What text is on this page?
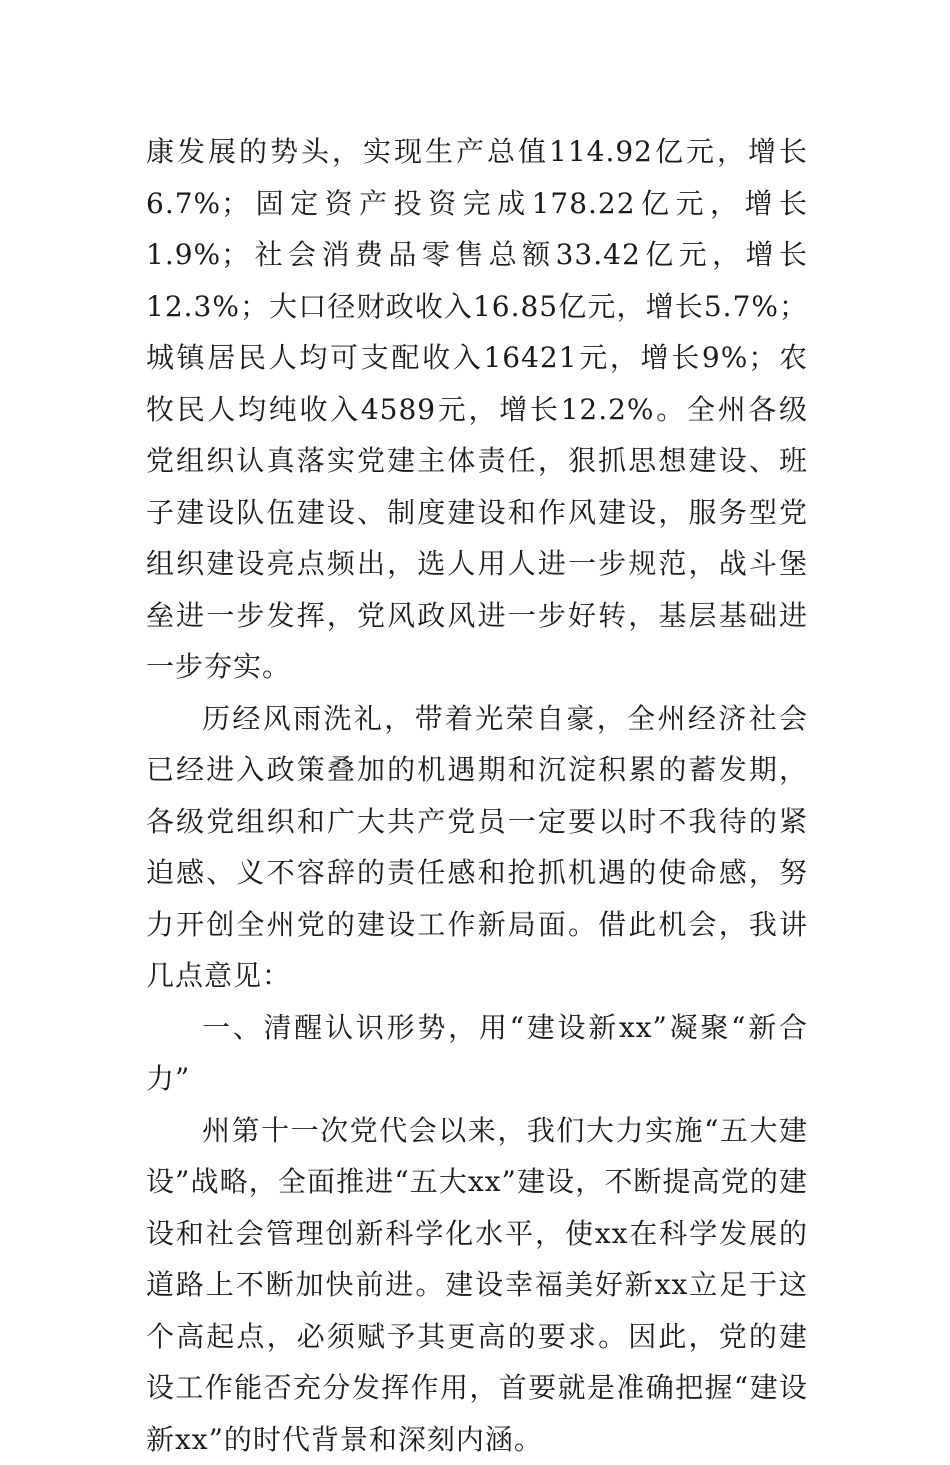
康发展的势头，实现生产总值114.92亿元，增长6.7%；固定资产投资完成178.22亿元，增长1.9%；社会消费品零售总额33.42亿元，增长12.3%；大口径财政收入16.85亿元，增长5.7%；城镇居民人均可支配收入16421元，增长9%；农牧民人均纯收入4589元，增长12.2%。全州各级党组织认真落实党建主体责任，狠抓思想建设、班子建设队伍建设、制度建设和作风建设，服务型党组织建设亮点频出，选人用人进一步规范，战斗堡垒进一步发挥，党风政风进一步好转，基层基础进一步夯实。

历经风雨洗礼，带着光荣自豪，全州经济社会已经进入政策叠加的机遇期和沉淀积累的蓄发期，各级党组织和广大共产党员一定要以时不我待的紧迫感、义不容辞的责任感和抢抓机遇的使命感，努力开创全州党的建设工作新局面。借此机会，我讲几点意见：

一、清醒认识形势，用“建设新xx”凝聚“新合力”

州第十一次党代会以来，我们大力实施“五大建设”战略，全面推进“五大xx”建设，不断提高党的建设和社会管理创新科学化水平，使xx在科学发展的道路上不断加快前进。建设幸福美好新xx立足于这个高起点，必须赋予其更高的要求。因此，党的建设工作能否充分发挥作用，首要就是准确把握“建设新xx”的时代背景和深刻内涵。
